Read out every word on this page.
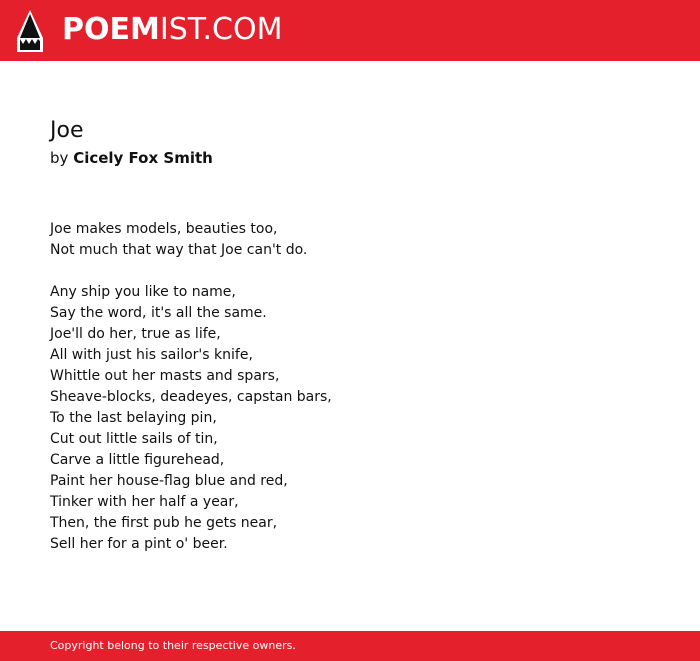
POEMIST.COM
Joe
by Cicely Fox Smith
Joe makes models, beauties too,
Not much that way that Joe can't do.
Any ship you like to name,
Say the word, it's all the same.
Joe'll do her, true as life,
All with just his sailor's knife,
Whittle out her masts and spars,
Sheave-blocks, deadeyes, capstan bars,
To the last belaying pin,
Cut out little sails of tin,
Carve a little figurehead,
Paint her house-flag blue and red,
Tinker with her half a year,
Then, the first pub he gets near,
Sell her for a pint o' beer.
Copyright belong to their respective owners.
